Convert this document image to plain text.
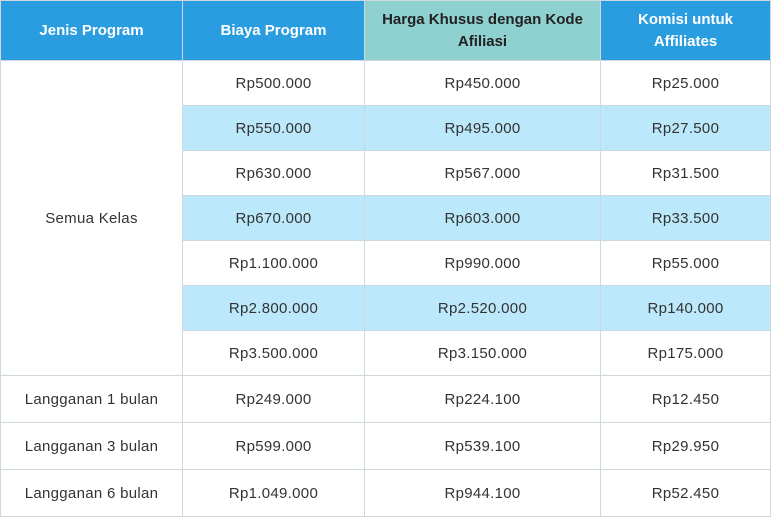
Jenis Program	Biaya Program	Harga Khusus dengan Kode Afiliasi	Komisi untuk Affiliates
Semua Kelas	Rp500.000	Rp450.000	Rp25.000
	Rp550.000	Rp495.000	Rp27.500
	Rp630.000	Rp567.000	Rp31.500
	Rp670.000	Rp603.000	Rp33.500
	Rp1.100.000	Rp990.000	Rp55.000
	Rp2.800.000	Rp2.520.000	Rp140.000
	Rp3.500.000	Rp3.150.000	Rp175.000
Langganan 1 bulan	Rp249.000	Rp224.100	Rp12.450
Langganan 3 bulan	Rp599.000	Rp539.100	Rp29.950
Langganan 6 bulan	Rp1.049.000	Rp944.100	Rp52.450
